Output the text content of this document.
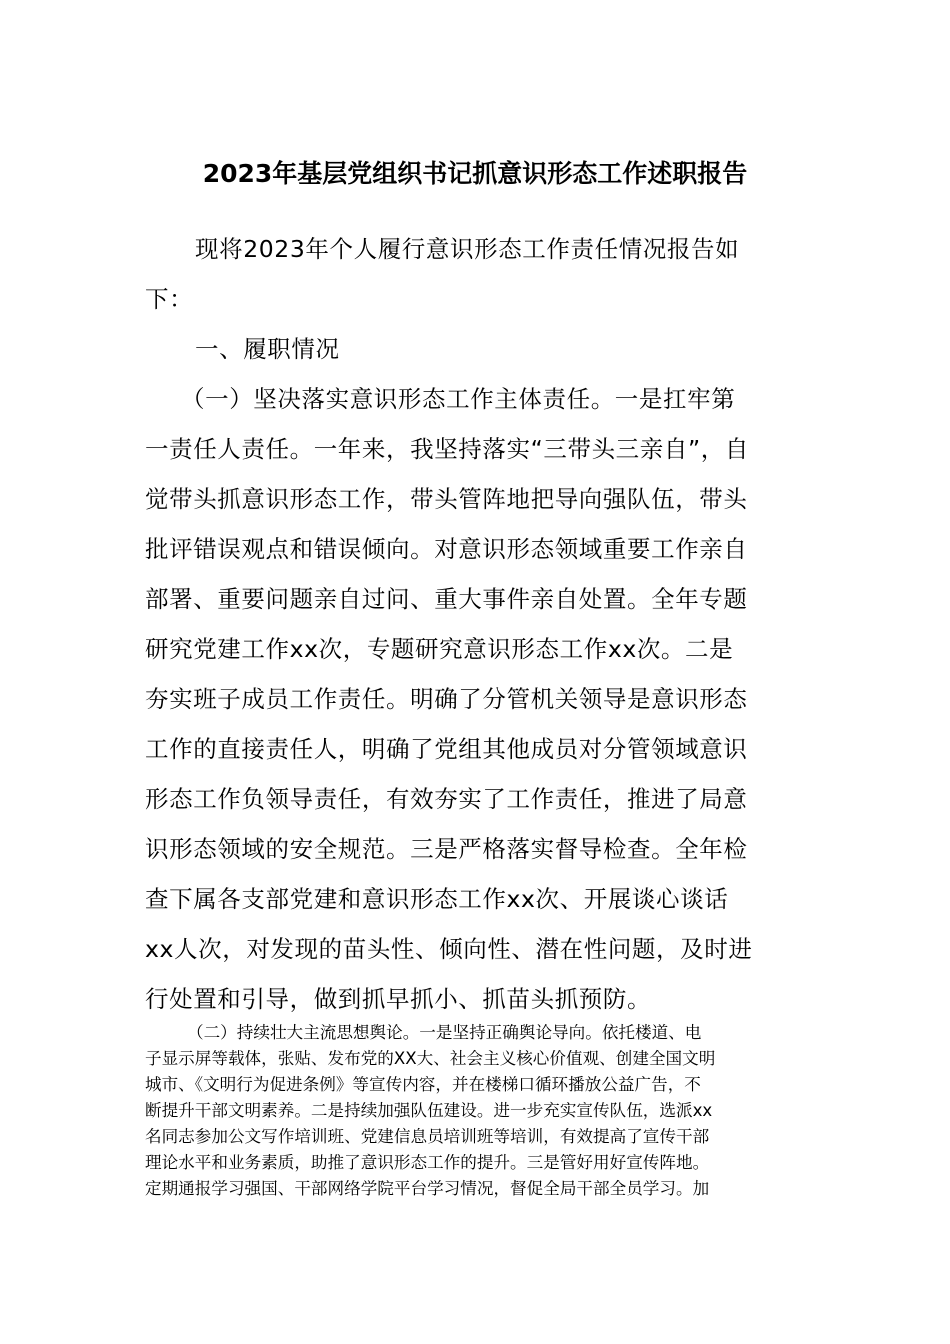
2023年基层党组织书记抓意识形态工作述职报告
现将2023年个人履行意识形态工作责任情况报告如
下：
一、履职情况
（一）坚决落实意识形态工作主体责任。一是扛牢第
一责任人责任。一年来，我坚持落实“三带头三亲自”，自
觉带头抓意识形态工作，带头管阵地把导向强队伍，带头
批评错误观点和错误倾向。对意识形态领域重要工作亲自
部署、重要问题亲自过问、重大事件亲自处置。全年专题
研究党建工作xx次，专题研究意识形态工作xx次。二是
夯实班子成员工作责任。明确了分管机关领导是意识形态
工作的直接责任人，明确了党组其他成员对分管领域意识
形态工作负领导责任，有效夯实了工作责任，推进了局意
识形态领域的安全规范。三是严格落实督导检查。全年检
查下属各支部党建和意识形态工作xx次、开展谈心谈话
xx人次，对发现的苗头性、倾向性、潜在性问题，及时进
行处置和引导，做到抓早抓小、抓苗头抓预防。
（二）持续壮大主流思想舆论。一是坚持正确舆论导向。依托楼道、电
子显示屏等载体，张贴、发布党的XX大、社会主义核心价值观、创建全国文明
城市、《文明行为促进条例》等宣传内容，并在楼梯口循环播放公益广告，不
断提升干部文明素养。二是持续加强队伍建设。进一步充实宣传队伍，选派xx
名同志参加公文写作培训班、党建信息员培训班等培训，有效提高了宣传干部
理论水平和业务素质，助推了意识形态工作的提升。三是管好用好宣传阵地。
定期通报学习强国、干部网络学院平台学习情况，督促全局干部全员学习。加
